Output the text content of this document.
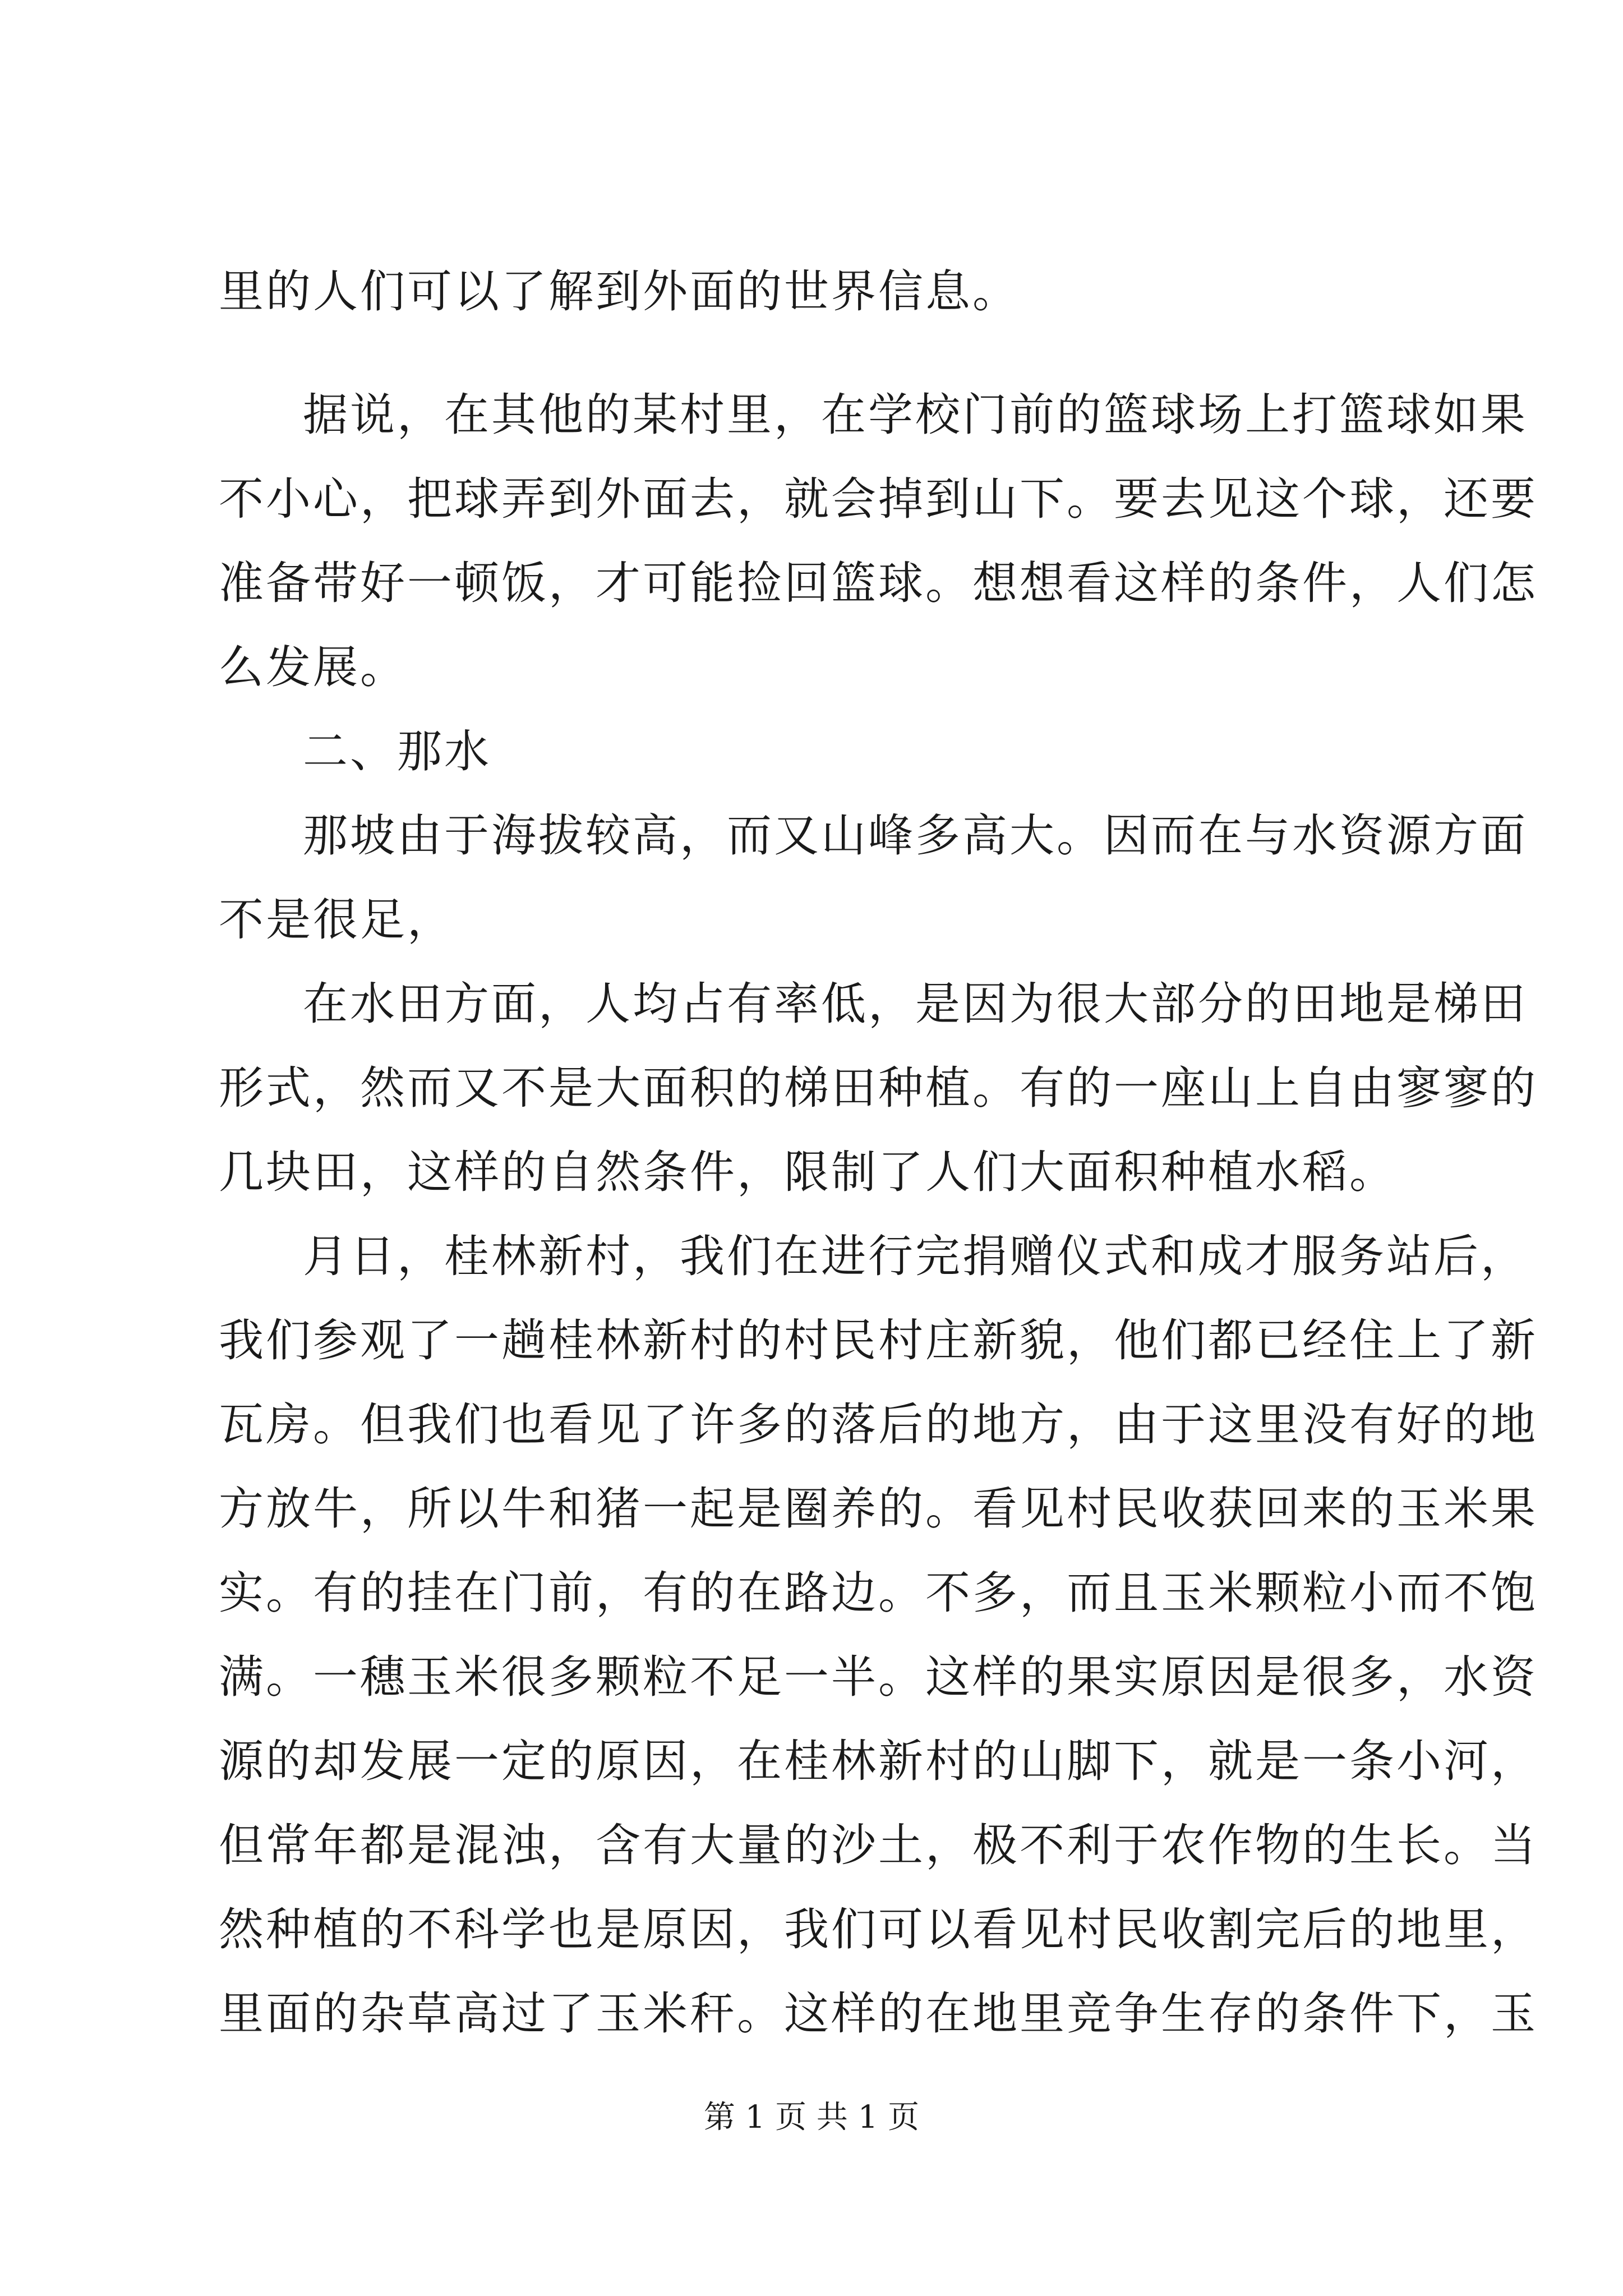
里的人们可以了解到外面的世界信息。
据说，在其他的某村里，在学校门前的篮球场上打篮球如果
不小心，把球弄到外面去，就会掉到山下。要去见这个球，还要
准备带好一顿饭，才可能捡回篮球。想想看这样的条件，人们怎
么发展。
二、那水
那坡由于海拔较高，而又山峰多高大。因而在与水资源方面
不是很足，
在水田方面，人均占有率低，是因为很大部分的田地是梯田
形式，然而又不是大面积的梯田种植。有的一座山上自由寥寥的
几块田，这样的自然条件，限制了人们大面积种植水稻。
月日，桂林新村，我们在进行完捐赠仪式和成才服务站后，
我们参观了一趟桂林新村的村民村庄新貌，他们都已经住上了新
瓦房。但我们也看见了许多的落后的地方，由于这里没有好的地
方放牛，所以牛和猪一起是圈养的。看见村民收获回来的玉米果
实。有的挂在门前，有的在路边。不多，而且玉米颗粒小而不饱
满。一穗玉米很多颗粒不足一半。这样的果实原因是很多，水资
源的却发展一定的原因，在桂林新村的山脚下，就是一条小河，
但常年都是混浊，含有大量的沙土，极不利于农作物的生长。当
然种植的不科学也是原因，我们可以看见村民收割完后的地里，
里面的杂草高过了玉米秆。这样的在地里竞争生存的条件下，玉
第 1 页 共 1 页
